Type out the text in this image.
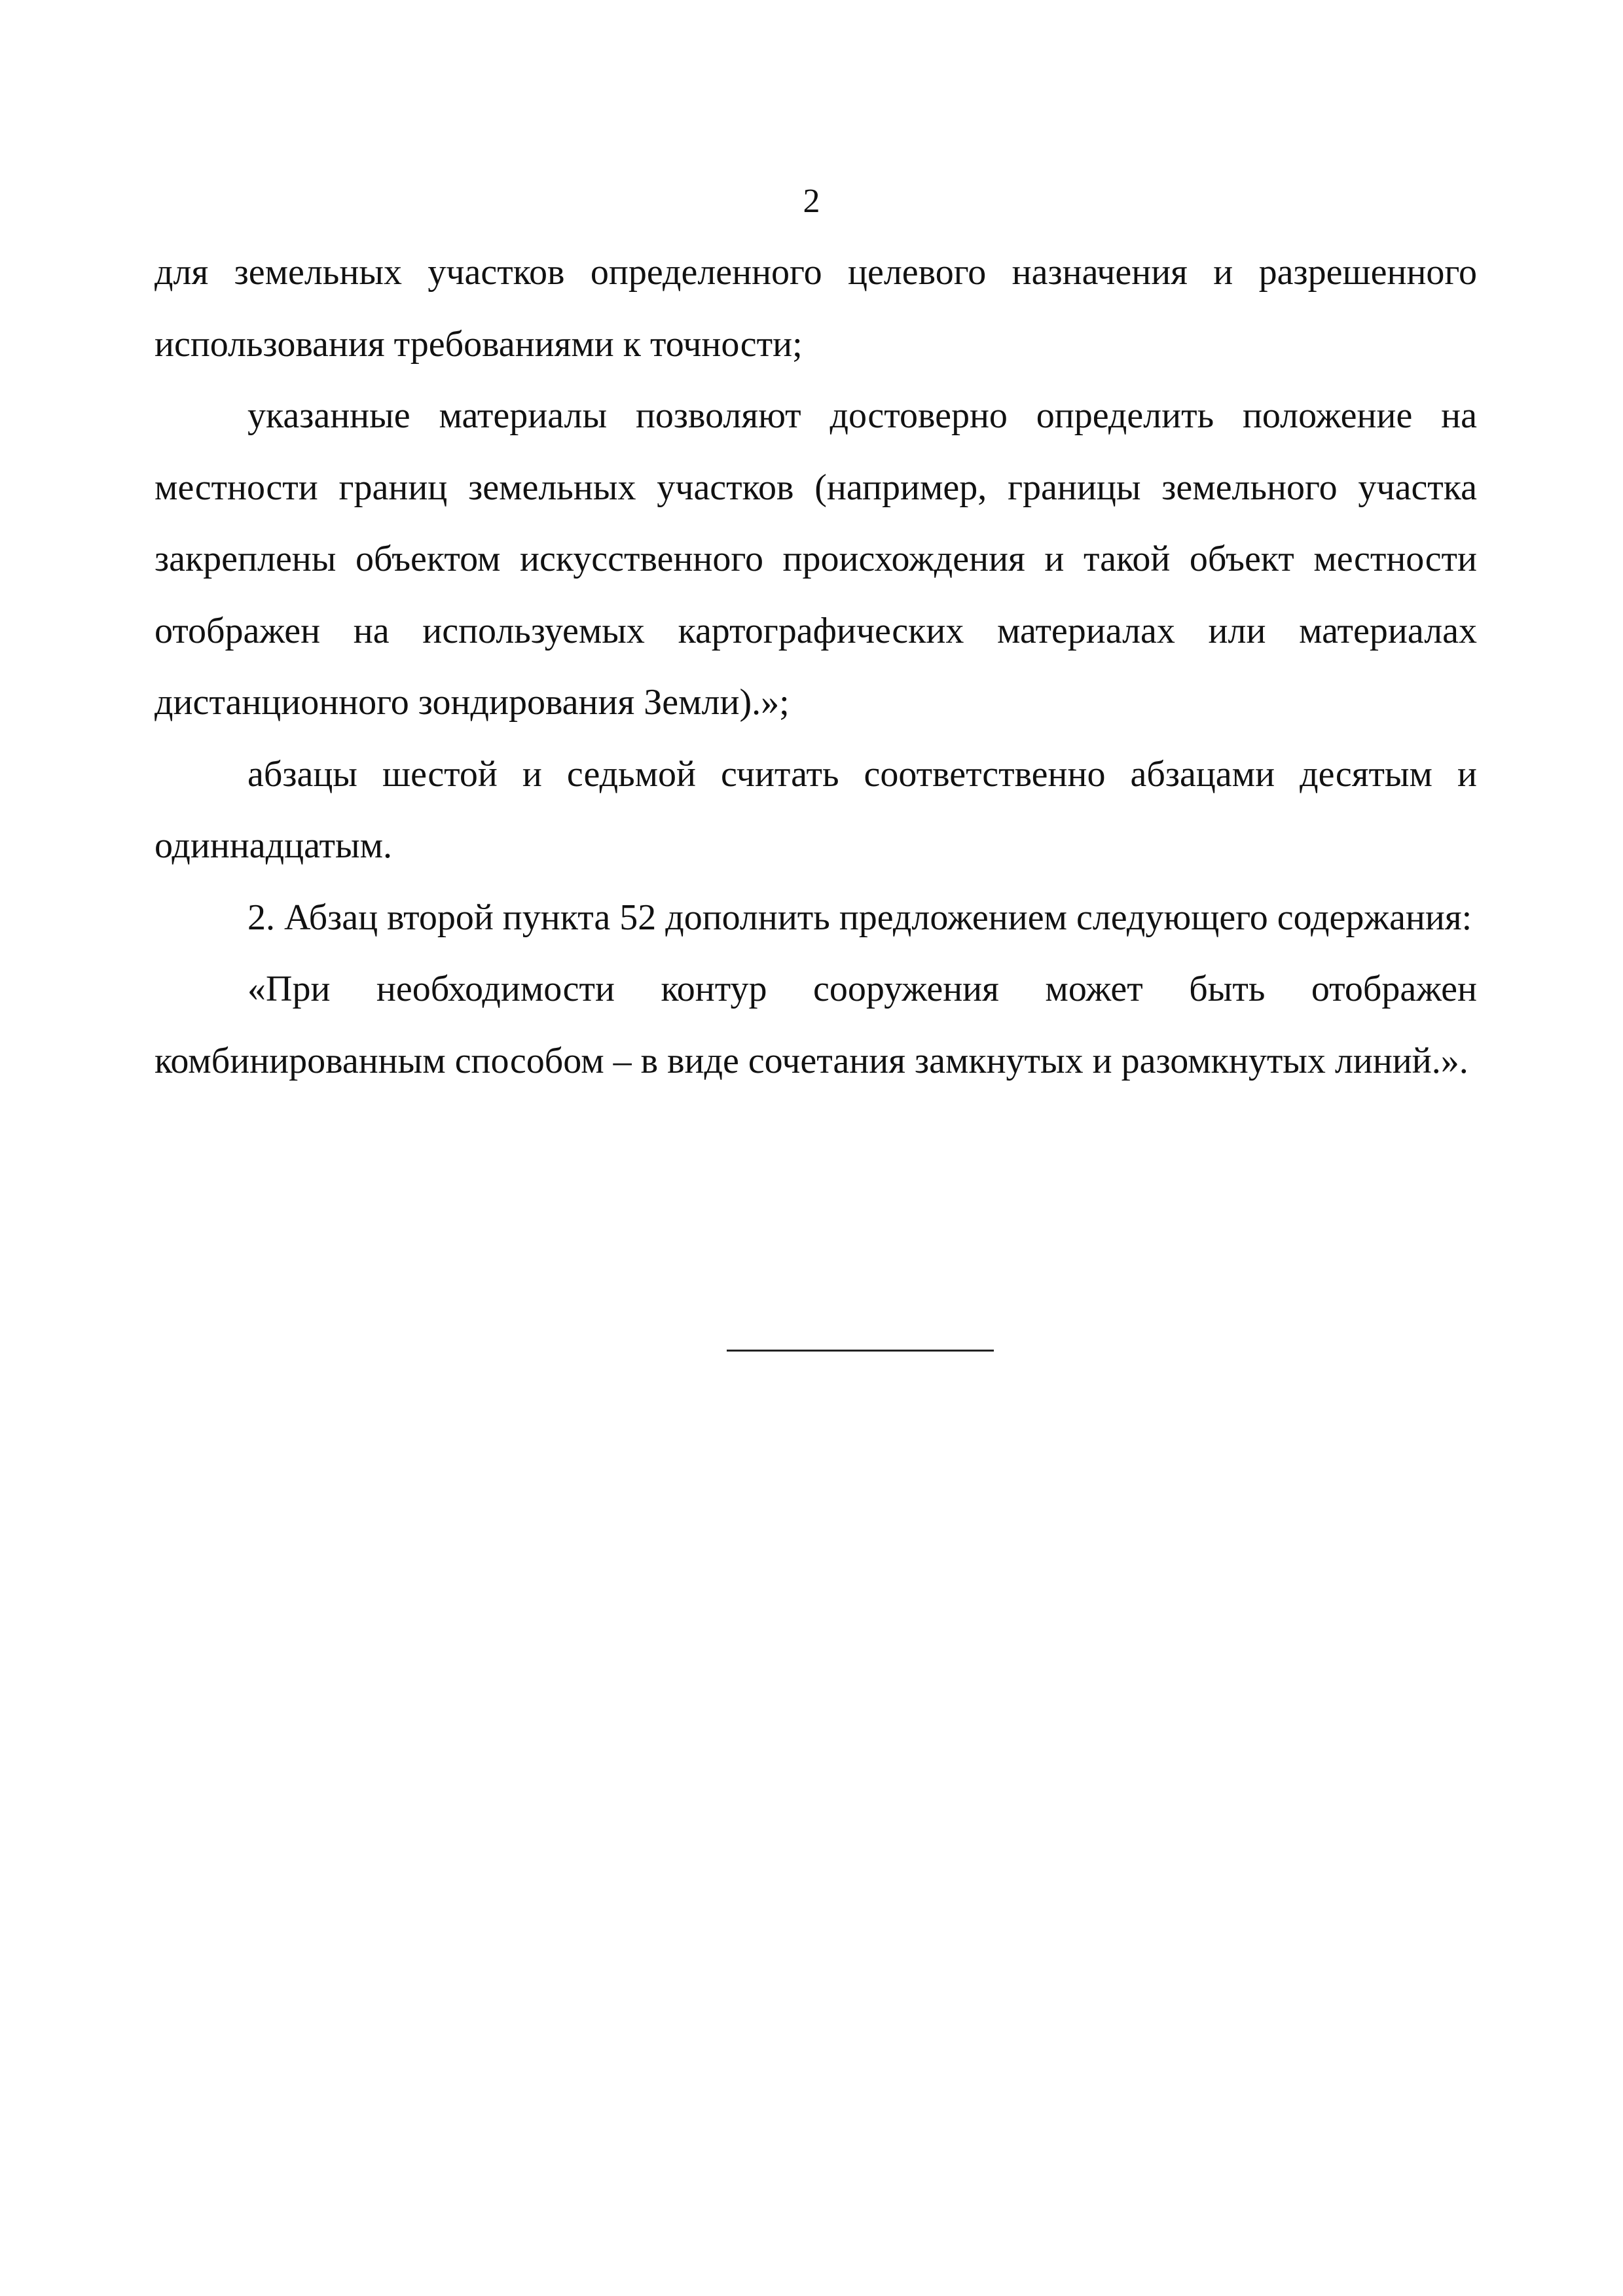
2

для земельных участков определенного целевого назначения и разрешенного использования требованиями к точности;

указанные материалы позволяют достоверно определить положение на местности границ земельных участков (например, границы земельного участка закреплены объектом искусственного происхождения и такой объект местности отображен на используемых картографических материалах или материалах дистанционного зондирования Земли).»;

абзацы шестой и седьмой считать соответственно абзацами десятым и одиннадцатым.

2. Абзац второй пункта 52 дополнить предложением следующего содержания:

«При необходимости контур сооружения может быть отображен комбинированным способом – в виде сочетания замкнутых и разомкнутых линий.».
